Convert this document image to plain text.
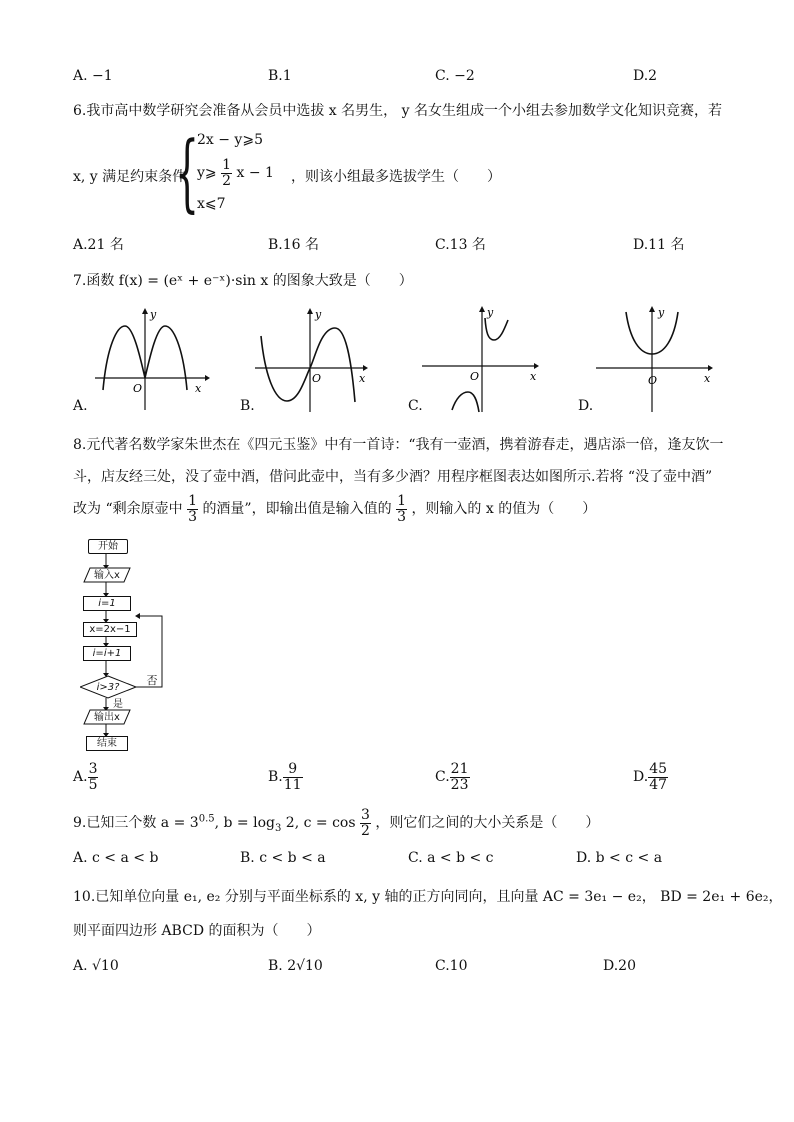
A. −1	B.1	C. −2	D.2
6.我市高中数学研究会准备从会员中选拔 x 名男生， y 名女生组成一个小组去参加数学文化知识竞赛，若
x, y 满足约束条件
{
2x − y⩾5
y⩾ $\frac{1}{2}$ x − 1
x⩽7
，则该小组最多选拔学生（　　）
A.21 名	B.16 名	C.13 名	D.11 名
7.函数 f(x) = (eˣ + e⁻ˣ)·sin x 的图象大致是（　　）
y
x
O
A.
y
x
O
B.
y
x
O
C.
y
x
O
D.
8.元代著名数学家朱世杰在《四元玉鉴》中有一首诗：“我有一壶酒，携着游春走，遇店添一倍，逢友饮一
斗，店友经三处，没了壶中酒，借问此壶中，当有多少酒？用程序框图表达如图所示.若将 “没了壶中酒”
改为 “剩余原壶中 $\frac{1}{3}$ 的酒量”，即输出值是输入值的 $\frac{1}{3}$ ，则输入的 x 的值为（　　）
开始
输入x
i=1
x=2x−1
i=i+1
i>3?
否
是
输出x
结束
A. $\frac{3}{5}$	B. $\frac{9}{11}$	C. $\frac{21}{23}$	D. $\frac{45}{47}$
9.已知三个数 $a = 3^{0.5}$, $b = \log_3 2$, $c = \cos \frac{3}{2}$ ，则它们之间的大小关系是（　　）
A. c < a < b	B. c < b < a	C. a < b < c	D. b < c < a
10.已知单位向量 e₁, e₂ 分别与平面坐标系的 x, y 轴的正方向同向，且向量 AC = 3e₁ − e₂， BD = 2e₁ + 6e₂，
则平面四边形 ABCD 的面积为（　　）
A. √10	B. 2√10	C.10	D.20
